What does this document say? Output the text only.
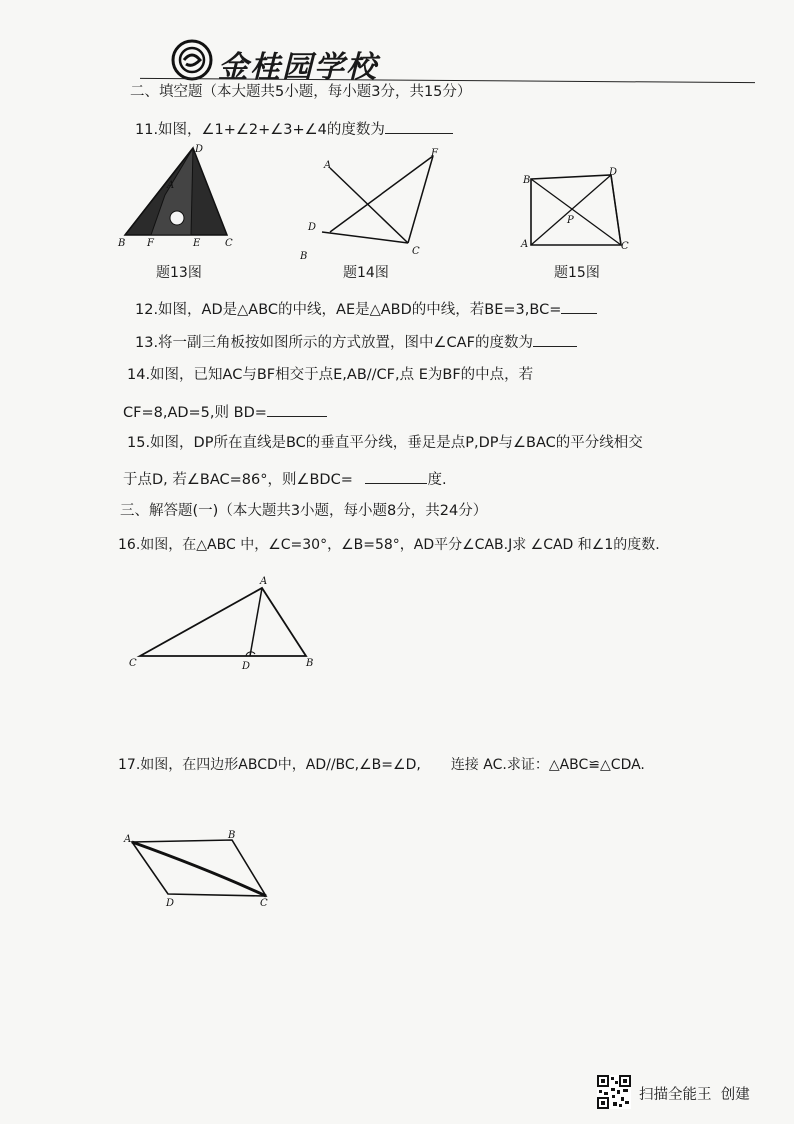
金桂园学校
二、填空题（本大题共5小题，每小题3分，共15分）
11.如图，∠1+∠2+∠3+∠4的度数为
D
A
B F	E C
题13图
A
F
D
B	C
题14图
B
D
P
A	C
题15图
12.如图，AD是△ABC的中线，AE是△ABD的中线，若BE=3,BC=
13.将一副三角板按如图所示的方式放置，图中∠CAF的度数为
14.如图，已知AC与BF相交于点E,AB//CF,点 E为BF的中点，若
CF=8,AD=5,则 BD=
15.如图，DP所在直线是BC的垂直平分线，垂足是点P,DP与∠BAC的平分线相交
于点D, 若∠BAC=86°，则∠BDC=	度.
三、解答题(一)（本大题共3小题，每小题8分，共24分）
16.如图，在△ABC 中，∠C=30°，∠B=58°，AD平分∠CAB.J求 ∠CAD 和∠1的度数.
A
C	D	B
17.如图，在四边形ABCD中，AD//BC,∠B=∠D, 连接 AC.求证：△ABC≌△CDA.
A	B
D	C
扫描全能王  创建
